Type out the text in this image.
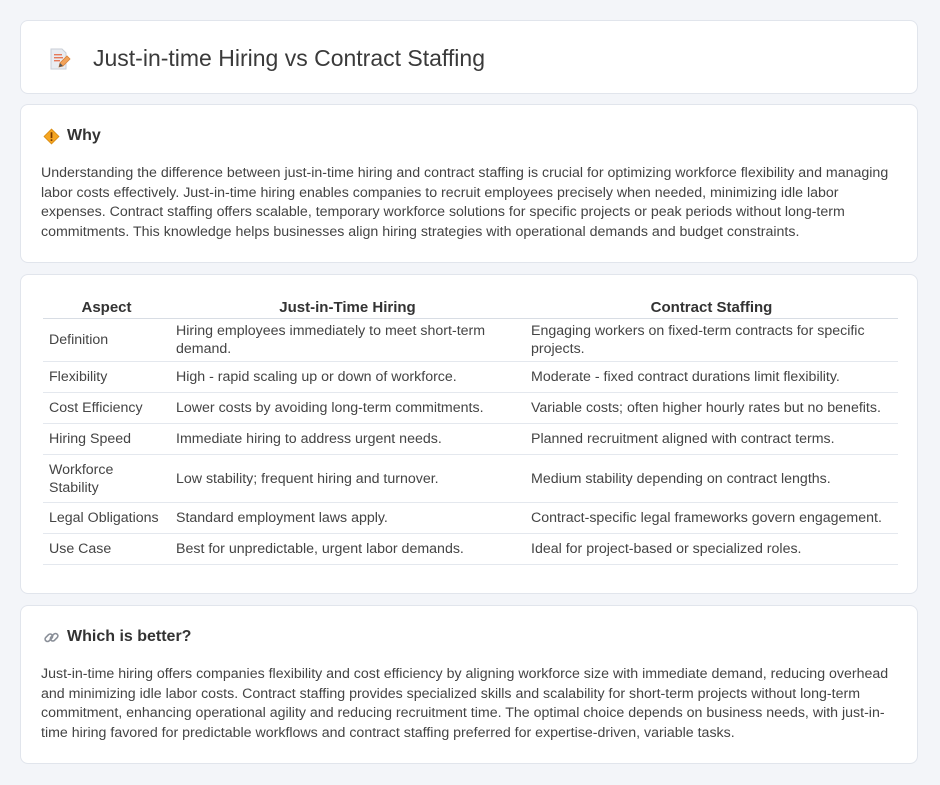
Just-in-time Hiring vs Contract Staffing
Why
Understanding the difference between just-in-time hiring and contract staffing is crucial for optimizing workforce flexibility and managing labor costs effectively. Just-in-time hiring enables companies to recruit employees precisely when needed, minimizing idle labor expenses. Contract staffing offers scalable, temporary workforce solutions for specific projects or peak periods without long-term commitments. This knowledge helps businesses align hiring strategies with operational demands and budget constraints.
Aspect	Just-in-Time Hiring	Contract Staffing
Definition	Hiring employees immediately to meet short-term demand.	Engaging workers on fixed-term contracts for specific projects.
Flexibility	High - rapid scaling up or down of workforce.	Moderate - fixed contract durations limit flexibility.
Cost Efficiency	Lower costs by avoiding long-term commitments.	Variable costs; often higher hourly rates but no benefits.
Hiring Speed	Immediate hiring to address urgent needs.	Planned recruitment aligned with contract terms.
Workforce Stability	Low stability; frequent hiring and turnover.	Medium stability depending on contract lengths.
Legal Obligations	Standard employment laws apply.	Contract-specific legal frameworks govern engagement.
Use Case	Best for unpredictable, urgent labor demands.	Ideal for project-based or specialized roles.
Which is better?
Just-in-time hiring offers companies flexibility and cost efficiency by aligning workforce size with immediate demand, reducing overhead and minimizing idle labor costs. Contract staffing provides specialized skills and scalability for short-term projects without long-term commitment, enhancing operational agility and reducing recruitment time. The optimal choice depends on business needs, with just-in-time hiring favored for predictable workflows and contract staffing preferred for expertise-driven, variable tasks.
